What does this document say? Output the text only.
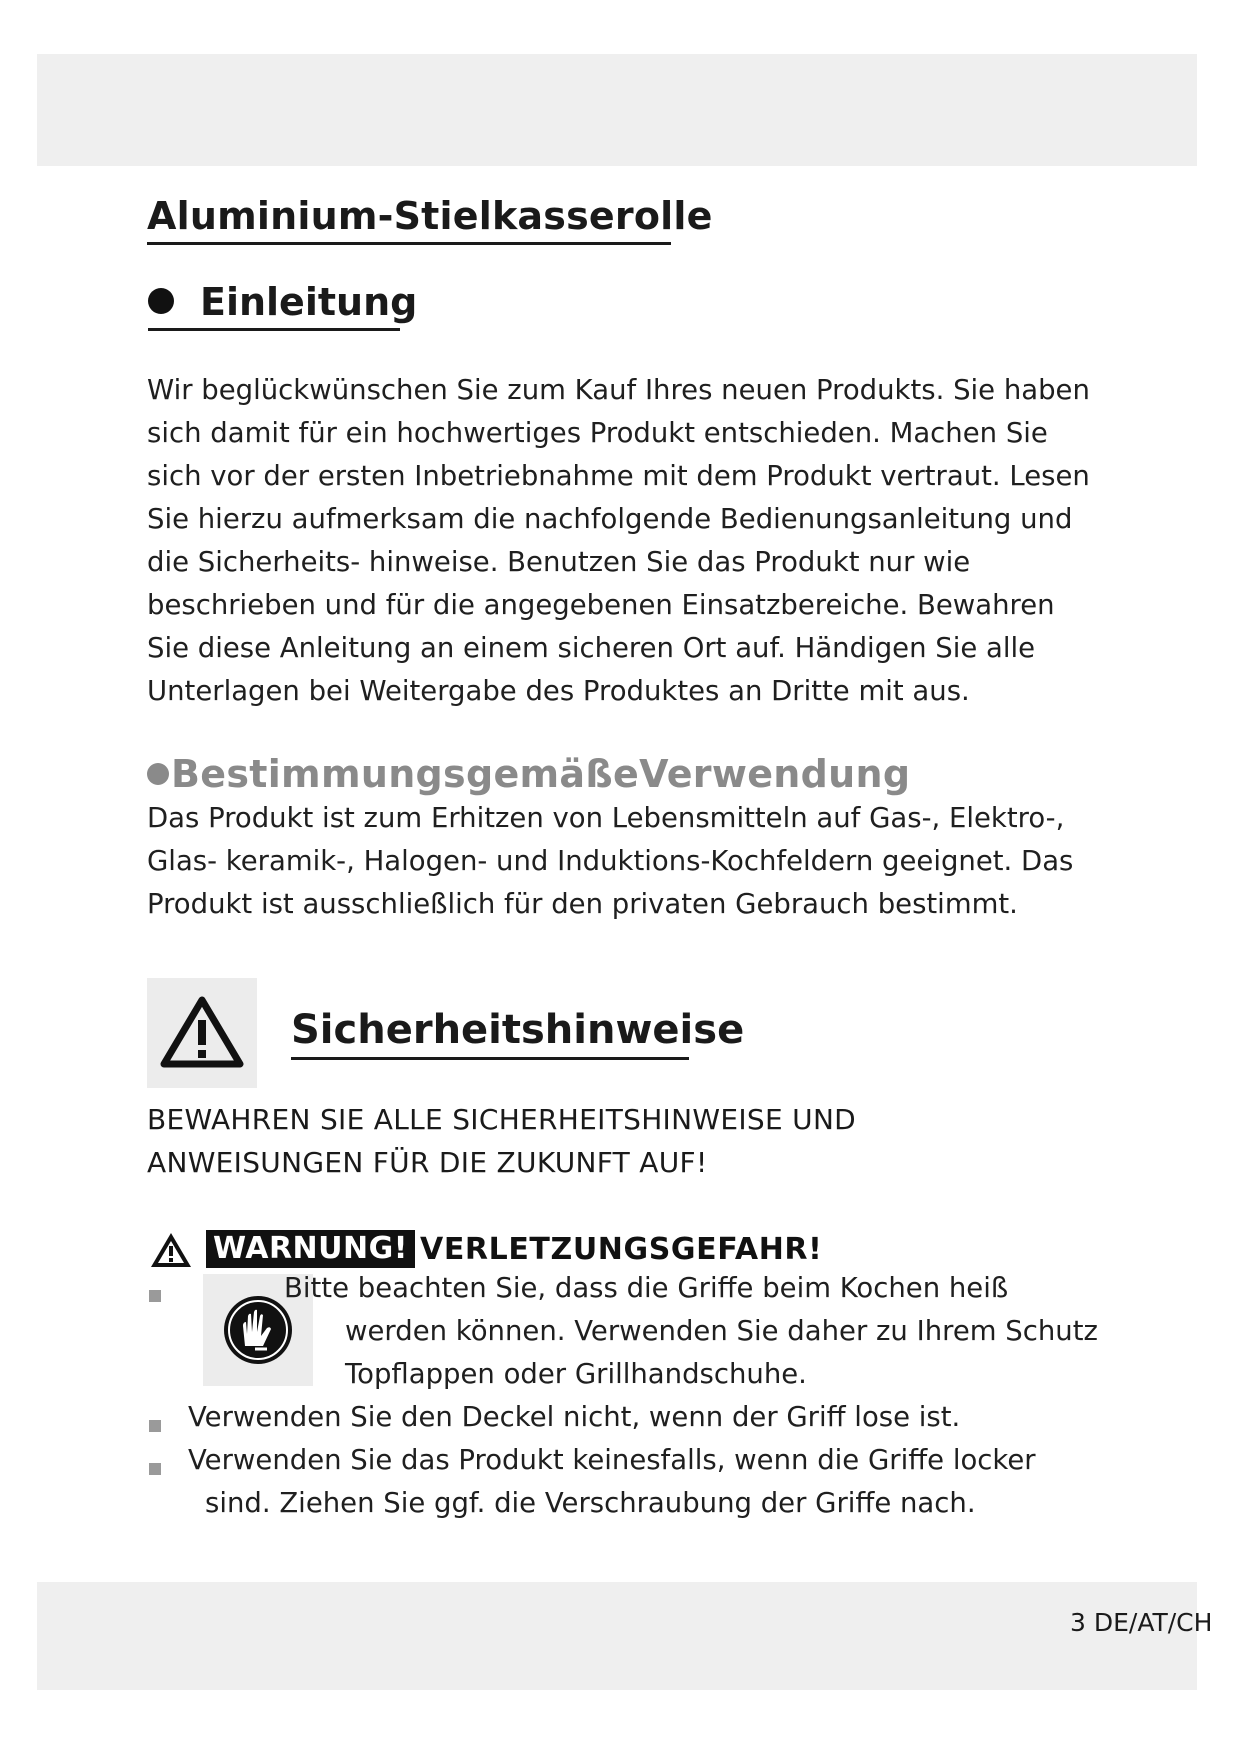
Aluminium-Stielkasserolle
Einleitung

Wir beglückwünschen Sie zum Kauf Ihres neuen Produkts. Sie haben sich damit für ein hochwertiges Produkt entschieden. Machen Sie sich vor der ersten Inbetriebnahme mit dem Produkt vertraut. Lesen Sie hierzu aufmerksam die nachfolgende Bedienungsanleitung und die Sicherheits- hinweise. Benutzen Sie das Produkt nur wie beschrieben und für die angegebenen Einsatzbereiche. Bewahren Sie diese Anleitung an einem sicheren Ort auf. Händigen Sie alle Unterlagen bei Weitergabe des Produktes an Dritte mit aus.

BestimmungsgemäßeVerwendung

Das Produkt ist zum Erhitzen von Lebensmitteln auf Gas-, Elektro-, Glas- keramik-, Halogen- und Induktions-Kochfeldern geeignet. Das Produkt ist ausschließlich für den privaten Gebrauch bestimmt.

Sicherheitshinweise
BEWAHREN SIE ALLE SICHERHEITSHINWEISE UND
ANWEISUNGEN FÜR DIE ZUKUNFT AUF!
WARNUNG! VERLETZUNGSGEFAHR!
Bitte beachten Sie, dass die Griffe beim Kochen heiß
werden können. Verwenden Sie daher zu Ihrem Schutz
Topflappen oder Grillhandschuhe.
Verwenden Sie den Deckel nicht, wenn der Griff lose ist.
Verwenden Sie das Produkt keinesfalls, wenn die Griffe locker
sind. Ziehen Sie ggf. die Verschraubung der Griffe nach.
3 DE/AT/CH
